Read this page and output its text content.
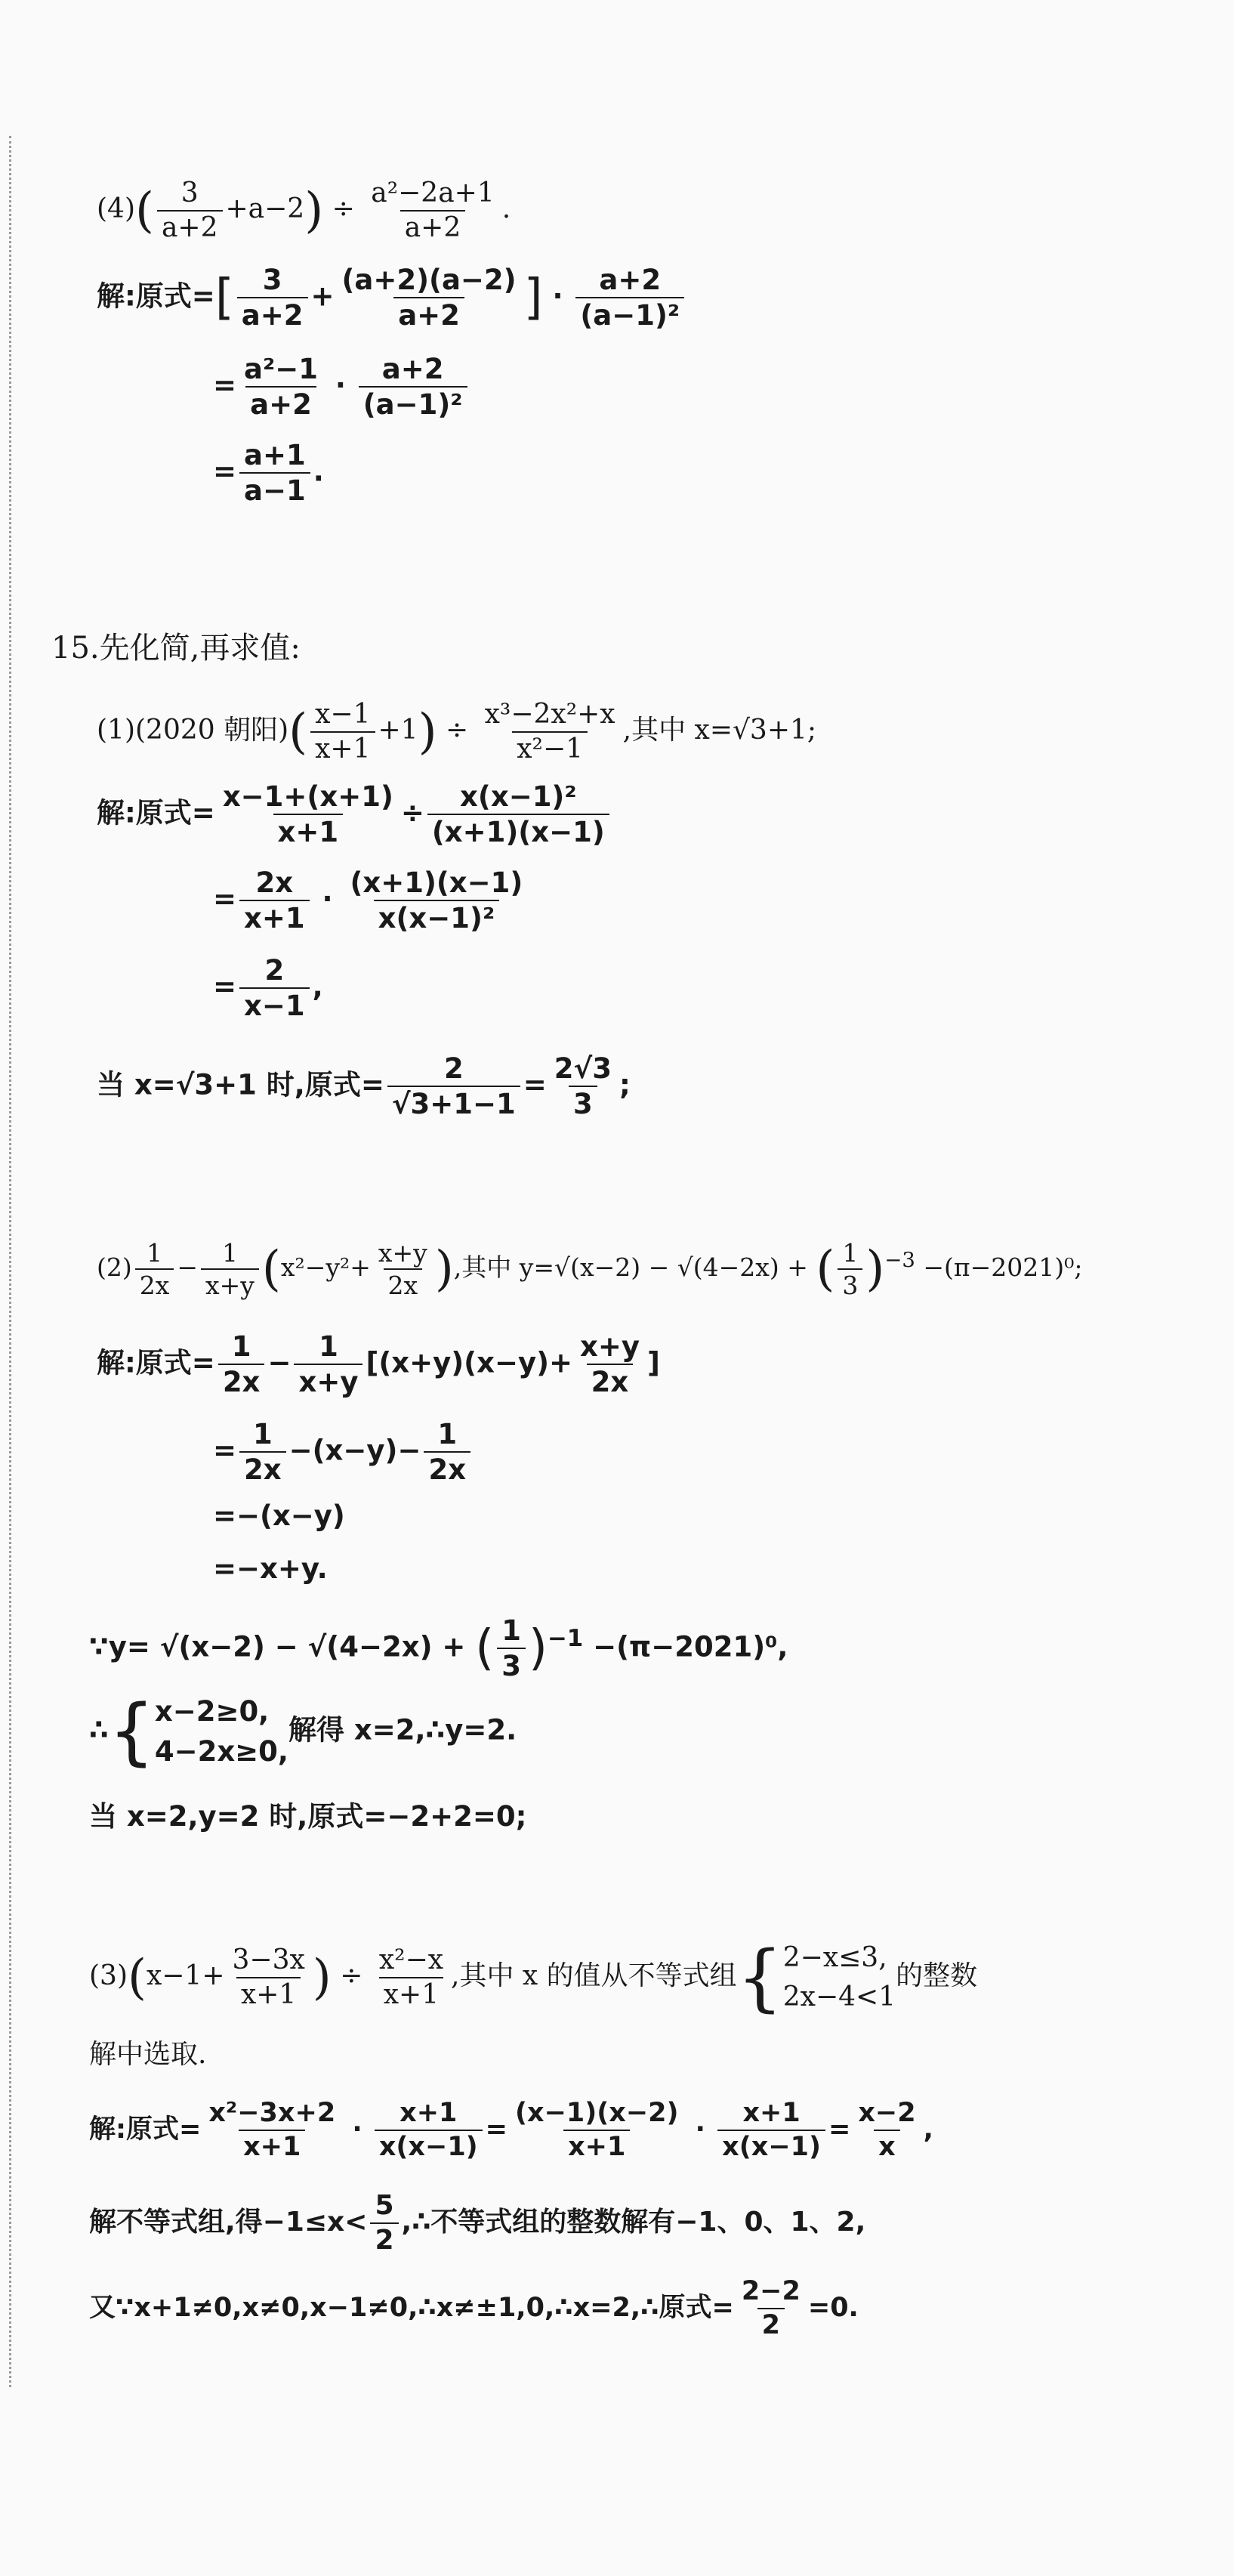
$(4)( \frac{3}{a+2} +a-2) \div \frac{\text{a²−2a+1}}{a+2}$ .
解:原式=[ $\frac{3}{a+2} + \frac{(a+2)(a-2)}{a+2}$ ] · $\frac{a+2}{\text{(a−1)²}}$
= $\frac{\text{a²−1}}{a+2} \cdot \frac{a+2}{\text{(a−1)²}}$
= $\frac{a+1}{a-1}$ .
15.先化简,再求值:
(1)(2020 朝阳)( $\frac{x-1}{x+1} +1) \div \frac{\text{x³−2x²+x}}{\text{x²−1}}$ ,其中 x=√3+1;
解:原式= $\frac{x-1+(x+1)}{x+1} \div \frac{\text{x(x−1)²}}{(x+1)(x-1)}$
= $\frac{2x}{x+1} \cdot \frac{(x+1)(x-1)}{\text{x(x−1)²}}$
= $\frac{2}{x-1}$ ,
当 x=√3+1 时,原式= $\frac{2}{√3+1-1} = \frac{2√3}{3}$ ;
$(2) \frac{1}{2x} - \frac{1}{x+y} (x^2-y^2+ \frac{x+y}{2x}$ ),其中 y=√(x−2) − √(4−2x) + ( $\frac{1}{3} )^{-3} -(\pi-2021)^0$;
解:原式= $\frac{1}{2x} - \frac{1}{x+y} [(x+y)(x-y)+ \frac{x+y}{2x}$ ]
= $\frac{1}{2x} -(x-y)- \frac{1}{2x}$
=−(x−y)
=−x+y.
∵y= √(x−2) − √(4−2x) + ( $\frac{1}{3} )^{-1} -(\pi-2021)^0$,
∴{ x−2≥0,
4−2x≥0,
解得 x=2,∴y=2.
当 x=2,y=2 时,原式=−2+2=0;
$(3)(x-1+ \frac{3-3x}{x+1}$ ) ÷ $\frac{\text{x²−x}}{x+1}$ ,其中 x 的值从不等式组{ 2−x≤3,
2x−4<1
的整数
解中选取.
解:原式= $\frac{\text{x²−3x+2}}{x+1} \cdot \frac{x+1}{x(x-1)} = \frac{(x-1)(x-2)}{x+1} \cdot \frac{x+1}{x(x-1)} = \frac{x-2}{x}$ ,
解不等式组,得$-1\le x< \frac{5}{2}$ ,∴不等式组的整数解有−1、0、1、2,
又∵x+1≠0,x≠0,x−1≠0,∴x≠±1,0,∴x=2,∴原式= $\frac{2-2}{2} =0$.
